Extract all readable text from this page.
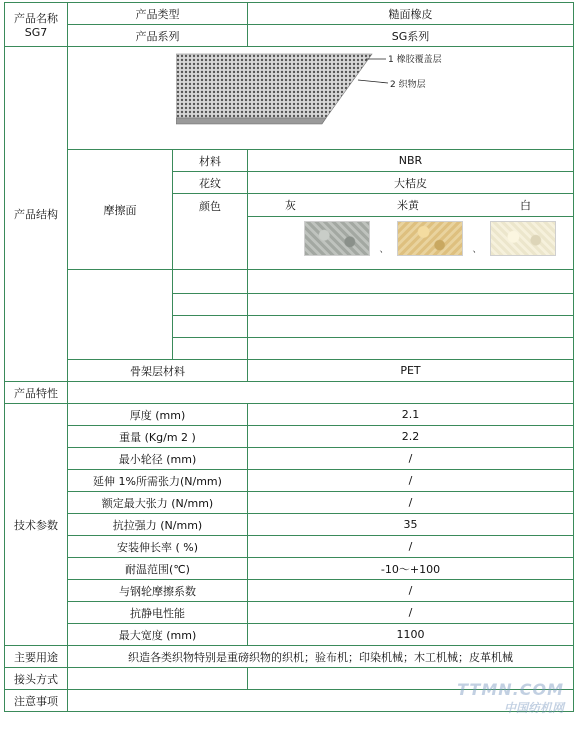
产品名称
SG7	产品类型		糙面橡皮
	产品系列		SG系列
产品结构	1 橡胶覆盖层
2 织物层		

	摩擦面	材料	NBR
		花纹	大桔皮
		颜色	灰 米黄 白

			、 、

	骨架层材料		PET
产品特性			
技术参数	厚度 (mm)		2.1
	重量 (Kg/m 2 )		2.2
	最小轮径 (mm)		/
	延伸 1%所需张力(N/mm)		/
	额定最大张力 (N/mm)		/
	抗拉强力 (N/mm)		35
	安装伸长率 ( %)		/
	耐温范围(℃)		-10～+100
	与钢轮摩擦系数		/
	抗静电性能		/
	最大宽度 (mm)		1100
主要用途	织造各类织物特别是重磅织物的织机；验布机；印染机械；木工机械；皮革机械		
接头方式			
注意事项			
TTMN.COM
中国纺机网
